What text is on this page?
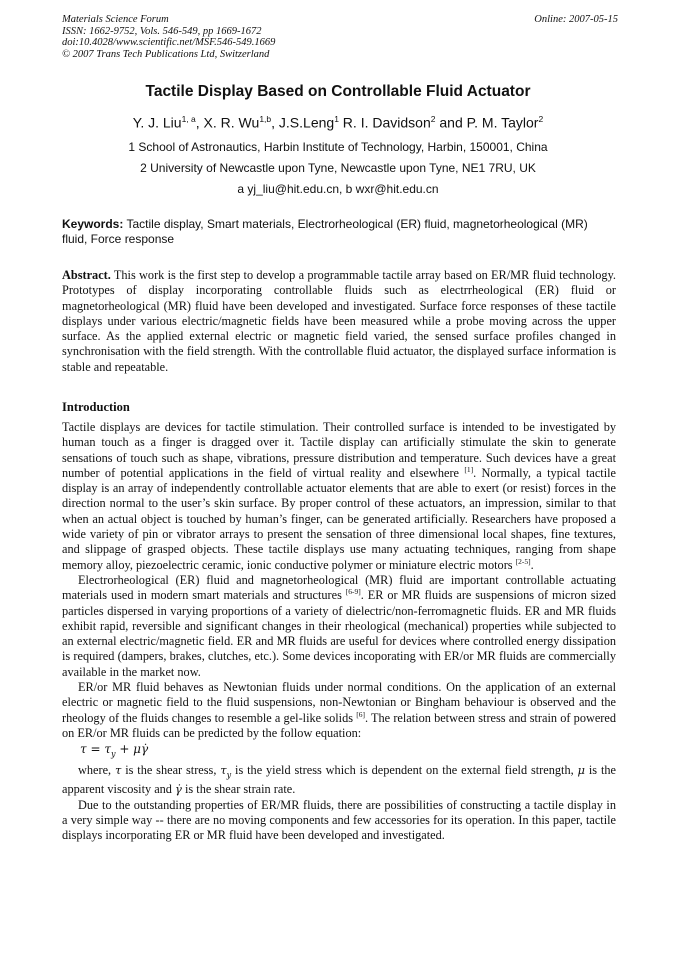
Materials Science Forum
ISSN: 1662-9752, Vols. 546-549, pp 1669-1672
doi:10.4028/www.scientific.net/MSF.546-549.1669
© 2007 Trans Tech Publications Ltd, Switzerland
Online: 2007-05-15
Tactile Display Based on Controllable Fluid Actuator
Y. J. Liu$^{1, a}$, X. R. Wu$^{1,b}$, J.S.Leng$^1$ R. I. Davidson$^2$ and P. M. Taylor$^2$
1 School of Astronautics, Harbin Institute of Technology, Harbin, 150001, China
2 University of Newcastle upon Tyne, Newcastle upon Tyne, NE1 7RU, UK
a yj_liu@hit.edu.cn, b wxr@hit.edu.cn
Keywords: Tactile display, Smart materials, Electrorheological (ER) fluid, magnetorheological (MR) fluid, Force response
Abstract. This work is the first step to develop a programmable tactile array based on ER/MR fluid technology. Prototypes of display incorporating controllable fluids such as electrrheological (ER) fluid or magnetorheological (MR) fluid have been developed and investigated. Surface force responses of these tactile displays under various electric/magnetic fields have been measured while a probe moving across the upper surface. As the applied external electric or magnetic field varied, the sensed surface profiles changed in synchronisation with the field strength. With the controllable fluid actuator, the displayed surface information is stable and repeatable.
Introduction

Tactile displays are devices for tactile stimulation. Their controlled surface is intended to be investigated by human touch as a finger is dragged over it. Tactile display can artificially stimulate the skin to generate sensations of touch such as shape, vibrations, pressure distribution and temperature. Such devices have a great number of potential applications in the field of virtual reality and elsewhere [1]. Normally, a typical tactile display is an array of independently controllable actuator elements that are able to exert (or resist) forces in the direction normal to the user’s skin surface. By proper control of these actuators, an impression, similar to that when an actual object is touched by human’s finger, can be generated artificially. Researchers have proposed a wide variety of pin or vibrator arrays to present the sensation of three dimensional local shapes, fine textures, and slippage of grasped objects. These tactile displays use many actuating techniques, ranging from shape memory alloy, piezoelectric ceramic, ionic conductive polymer or miniature electric motors [2-5].

Electrorheological (ER) fluid and magnetorheological (MR) fluid are important controllable actuating materials used in modern smart materials and structures [6-9]. ER or MR fluids are suspensions of micron sized particles dispersed in varying proportions of a variety of dielectric/non-ferromagnetic fluids. ER and MR fluids exhibit rapid, reversible and significant changes in their rheological (mechanical) properties while subjected to an external electric/magnetic field. ER and MR fluids are useful for devices where controlled energy dissipation is required (dampers, brakes, clutches, etc.). Some devices incoporating with ER/or MR fluids are commercially available in the market now.

ER/or MR fluid behaves as Newtonian fluids under normal conditions. On the application of an external electric or magnetic field to the fluid suspensions, non-Newtonian or Bingham behaviour is observed and the rheology of the fluids changes to resemble a gel-like solids [6]. The relation between stress and strain of powered on ER/or MR fluids can be predicted by the follow equation:

$\tau = \tau_y$ + μγ̇

where, τ is the shear stress, $\tau_y$ is the yield stress which is dependent on the external field strength, μ is the apparent viscosity and γ̇ is the shear strain rate.

Due to the outstanding properties of ER/MR fluids, there are possibilities of constructing a tactile display in a very simple way -- there are no moving components and few accessories for its operation. In this paper, tactile displays incorporating ER or MR fluid have been developed and investigated.
